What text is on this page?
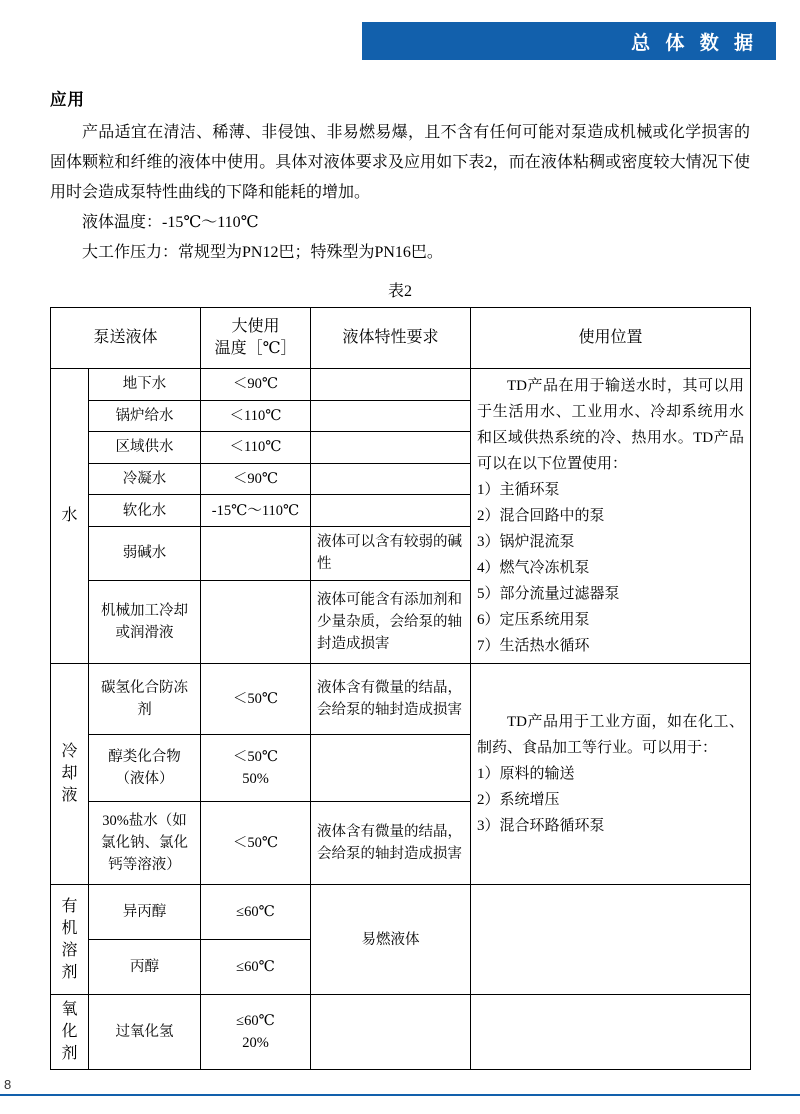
总 体 数 据
应用

产品适宜在清洁、稀薄、非侵蚀、非易燃易爆，且不含有任何可能对泵造成机械或化学损害的固体颗粒和纤维的液体中使用。具体对液体要求及应用如下表2，而在液体粘稠或密度较大情况下使用时会造成泵特性曲线的下降和能耗的增加。

液体温度：-15℃～110℃

大工作压力：常规型为PN12巴；特殊型为PN16巴。

表2
泵送液体		大使用
温度［℃］	液体特性要求	使用位置
水	地下水	＜90℃		TD产品在用于输送水时，其可以用于生活用水、工业用水、冷却系统用水和区域供热系统的冷、热用水。TD产品可以在以下位置使用：
1）主循环泵
2）混合回路中的泵
3）锅炉混流泵
4）燃气冷冻机泵
5）部分流量过滤器泵
6）定压系统用泵
7）生活热水循环

	锅炉给水	＜110℃		
	区域供水	＜110℃		
	冷凝水	＜90℃		
	软化水	-15℃～110℃		
	弱碱水		液体可以含有较弱的碱性	
	机械加工冷却或润滑液		液体可能含有添加剂和少量杂质，会给泵的轴封造成损害	
冷却液	碳氢化合防冻剂	＜50℃	液体含有微量的结晶，会给泵的轴封造成损害	TD产品用于工业方面，如在化工、制药、食品加工等行业。可以用于：
1）原料的输送
2）系统增压
3）混合环路循环泵

	醇类化合物（液体）	＜50℃
50%		

	30%盐水（如氯化钠、氯化钙等溶液）	＜50℃	液体含有微量的结晶，会给泵的轴封造成损害	
有机溶剂	异丙醇	≤60℃	易燃液体	
	丙醇	≤60℃		
氧化剂	过氧化氢	≤60℃
20%		

8
